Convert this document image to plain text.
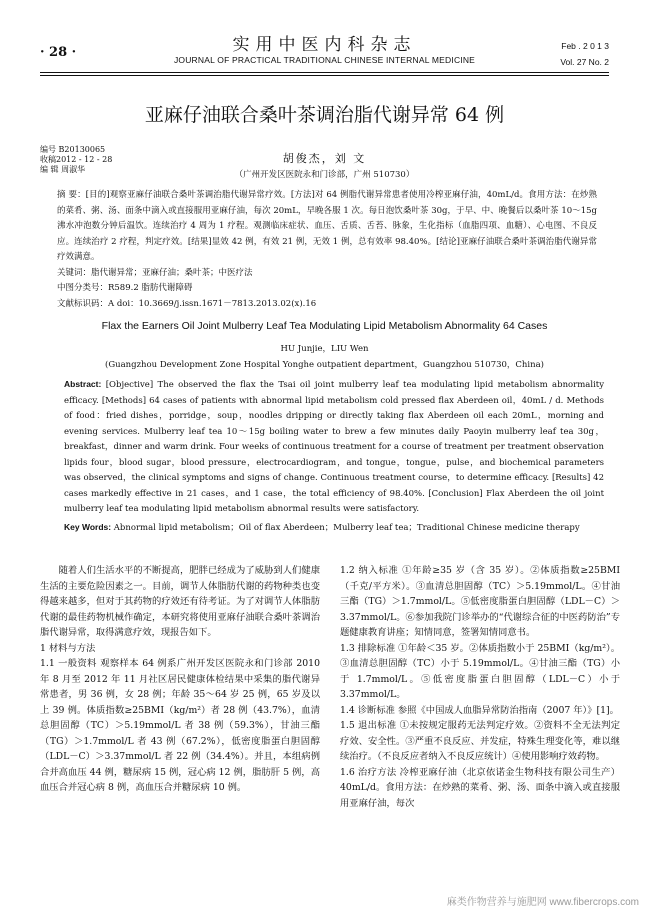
· 28 ·	实用中医内科杂志
JOURNAL OF PRACTICAL TRADITIONAL CHINESE INTERNAL MEDICINE
Feb . 2 0 1 3
Vol. 27 No. 2
亚麻仔油联合桑叶茶调治脂代谢异常 64 例
编号 B20130065
收稿2012 - 12 - 28
编 辑 周淑华
胡俊杰，刘 文
（广州开发区医院永和门诊部，广州 510730）

摘 要：[目的]观察亚麻仔油联合桑叶茶调治脂代谢异常疗效。[方法]对 64 例脂代谢异常患者使用冷榨亚麻仔油，40mL/d。食用方法：在炒熟的菜肴、粥、汤、面条中滴入或直接服用亚麻仔油，每次 20mL，早晚各服 1 次。每日泡饮桑叶茶 30g，于早、中、晚餐后以桑叶茶 10～15g 沸水冲泡数分钟后温饮。连续治疗 4 周为 1 疗程。观测临床症状、血压、舌质、舌苔、脉象，生化指标（血脂四项、血糖）、心电图、不良反应。连续治疗 2 疗程，判定疗效。[结果]显效 42 例，有效 21 例，无效 1 例，总有效率 98.40%。[结论]亚麻仔油联合桑叶茶调治脂代谢异常疗效满意。

关键词：脂代谢异常；亚麻仔油；桑叶茶；中医疗法

中图分类号：R589.2 脂肪代谢障碍

文献标识码：A doi：10.3669/j.issn.1671－7813.2013.02(x).16

Flax the Earners Oil Joint Mulberry Leaf Tea Modulating Lipid Metabolism Abnormality 64 Cases
HU Junjie，LIU Wen
(Guangzhou Development Zone Hospital Yonghe outpatient department，Guangzhou 510730，China)

Abstract: [Objective] The observed the flax the Tsai oil joint mulberry leaf tea modulating lipid metabolism abnormality efficacy. [Methods] 64 cases of patients with abnormal lipid metabolism cold pressed flax Aberdeen oil，40mL / d. Methods of food：fried dishes，porridge，soup，noodles dripping or directly taking flax Aberdeen oil each 20mL，morning and evening services. Mulberry leaf tea 10～15g boiling water to brew a few minutes daily Paoyin mulberry leaf tea 30g，breakfast，dinner and warm drink. Four weeks of continuous treatment for a course of treatment per treatment observation lipids four，blood sugar，blood pressure，electrocardiogram，and tongue，tongue，pulse，and biochemical parameters was observed，the clinical symptoms and signs of change. Continuous treatment course，to determine efficacy. [Results] 42 cases markedly effective in 21 cases，and 1 case，the total efficiency of 98.40%. [Conclusion] Flax Aberdeen the oil joint mulberry leaf tea modulating lipid metabolism abnormal results were satisfactory.

Key Words: Abnormal lipid metabolism；Oil of flax Aberdeen；Mulberry leaf tea；Traditional Chinese medicine therapy

随着人们生活水平的不断提高，肥胖已经成为了威胁到人们健康生活的主要危险因素之一。目前，调节人体脂肪代谢的药物种类也变得越来越多，但对于其药物的疗效还有待考证。为了对调节人体脂肪代谢的最佳药物机械作确定，本研究将使用亚麻仔油联合桑叶茶调治脂代谢异常，取得满意疗效，现报告如下。

1 材料与方法

1.1 一般资料 观察样本 64 例系广州开发区医院永和门诊部 2010 年 8 月至 2012 年 11 月社区居民健康体检结果中采集的脂代谢异常患者，男 36 例，女 28 例；年龄 35～64 岁 25 例，65 岁及以上 39 例。体质指数≥25BMI（kg/m²）者 28 例（43.7%），血清总胆固醇（TC）＞5.19mmol/L 者 38 例（59.3%），甘油三酯（TG）＞1.7mmol/L 者 43 例（67.2%），低密度脂蛋白胆固醇（LDL－C）＞3.37mmol/L 者 22 例（34.4%）。并且，本组病例合并高血压 44 例，糖尿病 15 例，冠心病 12 例，脂肪肝 5 例，高血压合并冠心病 8 例，高血压合并糖尿病 10 例。

1.2 纳入标准 ①年龄≥35 岁（含 35 岁）。②体质指数≥25BMI（千克/平方米）。③血清总胆固醇（TC）＞5.19mmol/L。④甘油三酯（TG）＞1.7mmol/L。⑤低密度脂蛋白胆固醇（LDL－C）＞3.37mmol/L。⑥参加我院门诊举办的“代谢综合征的中医药防治”专题健康教育讲座；知情同意，签署知情同意书。

1.3 排除标准 ①年龄＜35 岁。②体质指数小于 25BMI（kg/m²）。③血清总胆固醇（TC）小于 5.19mmol/L。④甘油三酯（TG）小于 1.7mmol/L。⑤低密度脂蛋白胆固醇（LDL－C）小于 3.37mmol/L。

1.4 诊断标准 参照《中国成人血脂异常防治指南（2007 年）》[1]。

1.5 退出标准 ①未按规定服药无法判定疗效。②资料不全无法判定疗效、安全性。③严重不良反应、并发症，特殊生理变化等，难以继续治疗。（不良反应者纳入不良反应统计）④使用影响疗效药物。

1.6 治疗方法 冷榨亚麻仔油（北京依诺金生物科技有限公司生产）40mL/d。食用方法：在炒熟的菜肴、粥、汤、面条中滴入或直接服用亚麻仔油，每次

麻类作物营养与施肥网 www.fibercrops.com
